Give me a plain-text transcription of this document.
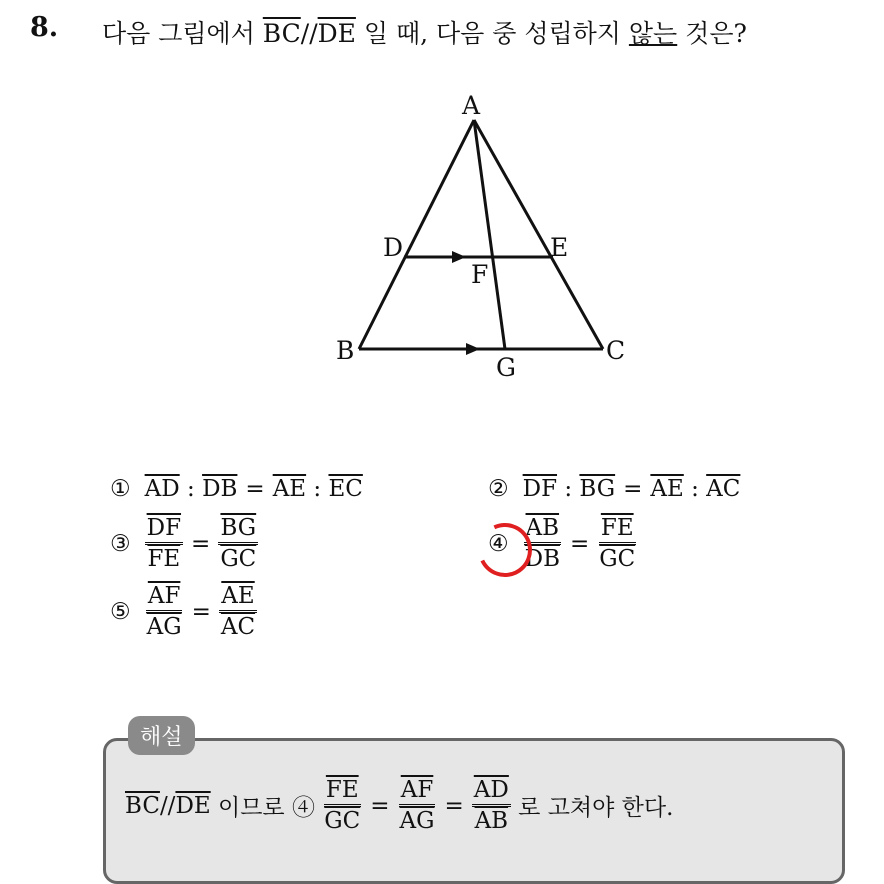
8. 다음 그림에서 $\overline{BC}//\overline{DE}$ 일 때, 다음 중 성립하지 않는 것은?
A
B	C
D	E
F
G
① $\overline{AD}$ : $\overline{DB} = \overline{AE}$ : $\overline{EC}$	② $\overline{DF}$ : $\overline{BG} = \overline{AE}$ : $\overline{AC}$
③ $\frac{\overline{DF}}{FE} = \frac{\overline{BG}}{GC}$	④ $\frac{\overline{AB}}{DB} = \frac{\overline{FE}}{GC}$
⑤ $\frac{\overline{AF}}{AG} = \frac{\overline{AE}}{AC}$
해설
$\overline{BC} // \overline{DE}$ 이므로 ④ $\frac{\overline{FE}}{GC} = \frac{\overline{AF}}{AG} = \frac{\overline{AD}}{AB}$ 로 고쳐야 한다.
